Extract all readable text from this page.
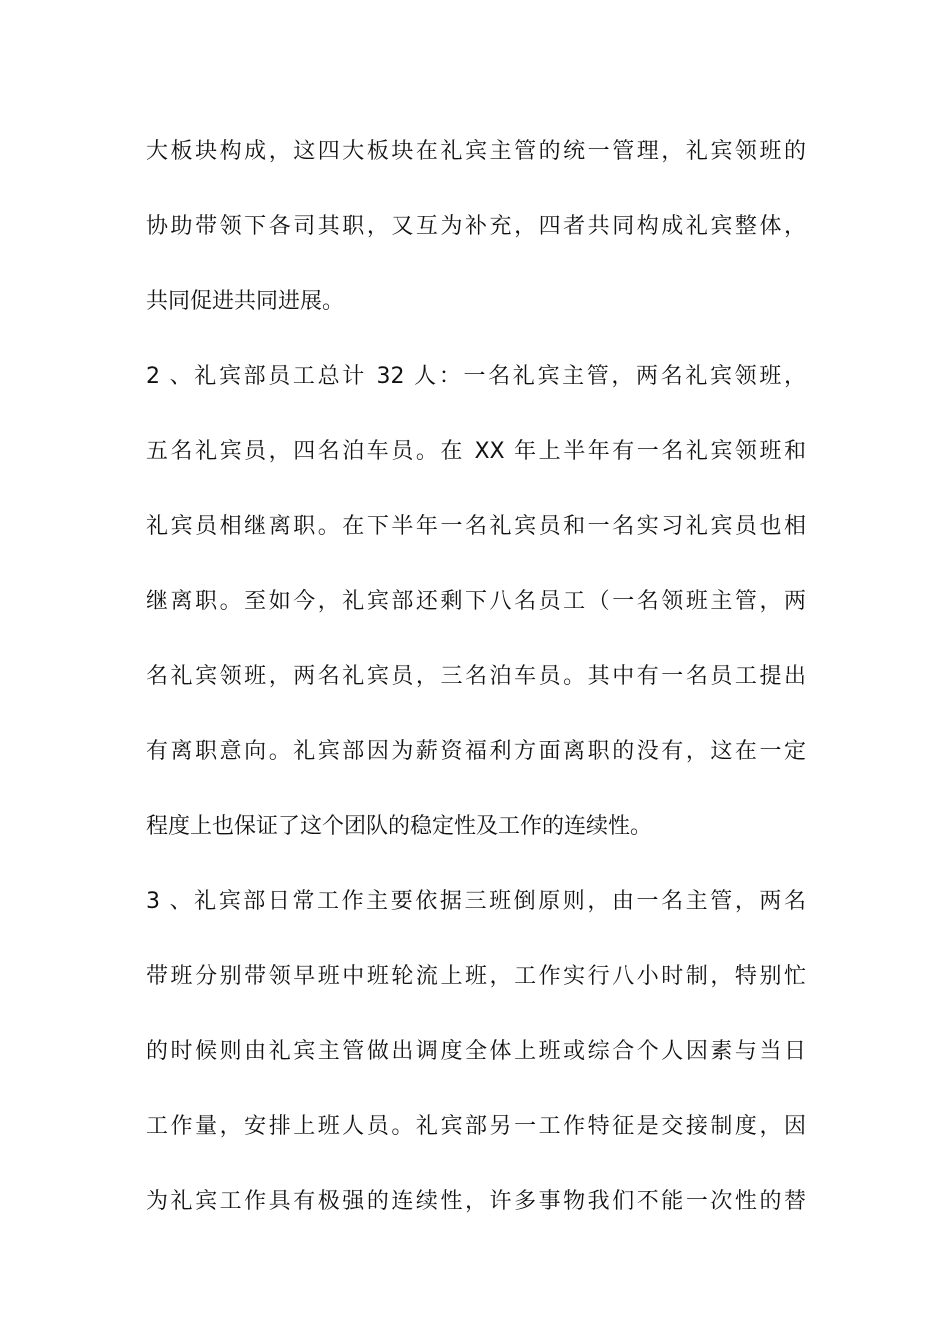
大板块构成，这四大板块在礼宾主管的统一管理，礼宾领班的
协助带领下各司其职，又互为补充，四者共同构成礼宾整体，
共同促进共同进展。
2 、礼宾部员工总计 32 人：一名礼宾主管，两名礼宾领班，
五名礼宾员，四名泊车员。在 XX 年上半年有一名礼宾领班和
礼宾员相继离职。在下半年一名礼宾员和一名实习礼宾员也相
继离职。至如今，礼宾部还剩下八名员工（一名领班主管，两
名礼宾领班，两名礼宾员，三名泊车员。其中有一名员工提出
有离职意向。礼宾部因为薪资福利方面离职的没有，这在一定
程度上也保证了这个团队的稳定性及工作的连续性。
3 、礼宾部日常工作主要依据三班倒原则，由一名主管，两名
带班分别带领早班中班轮流上班，工作实行八小时制，特别忙
的时候则由礼宾主管做出调度全体上班或综合个人因素与当日
工作量，安排上班人员。礼宾部另一工作特征是交接制度，因
为礼宾工作具有极强的连续性，许多事物我们不能一次性的替
